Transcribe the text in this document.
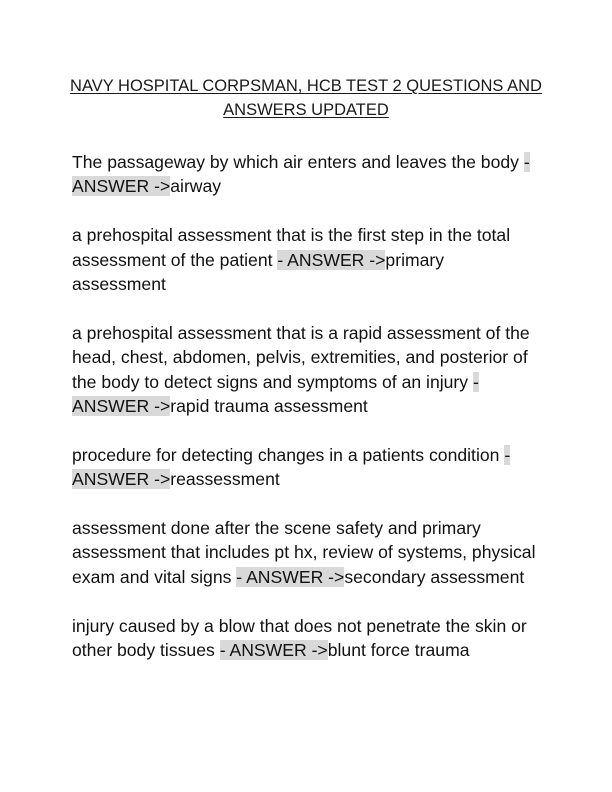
NAVY HOSPITAL CORPSMAN, HCB TEST 2 QUESTIONS AND
ANSWERS UPDATED

The passageway by which air enters and leaves the body - ANSWER ->airway

a prehospital assessment that is the first step in the total assessment of the patient - ANSWER ->primary assessment

a prehospital assessment that is a rapid assessment of the head, chest, abdomen, pelvis, extremities, and posterior of the body to detect signs and symptoms of an injury - ANSWER ->rapid trauma assessment

procedure for detecting changes in a patients condition - ANSWER ->reassessment

assessment done after the scene safety and primary assessment that includes pt hx, review of systems, physical exam and vital signs - ANSWER ->secondary assessment

injury caused by a blow that does not penetrate the skin or other body tissues - ANSWER ->blunt force trauma
